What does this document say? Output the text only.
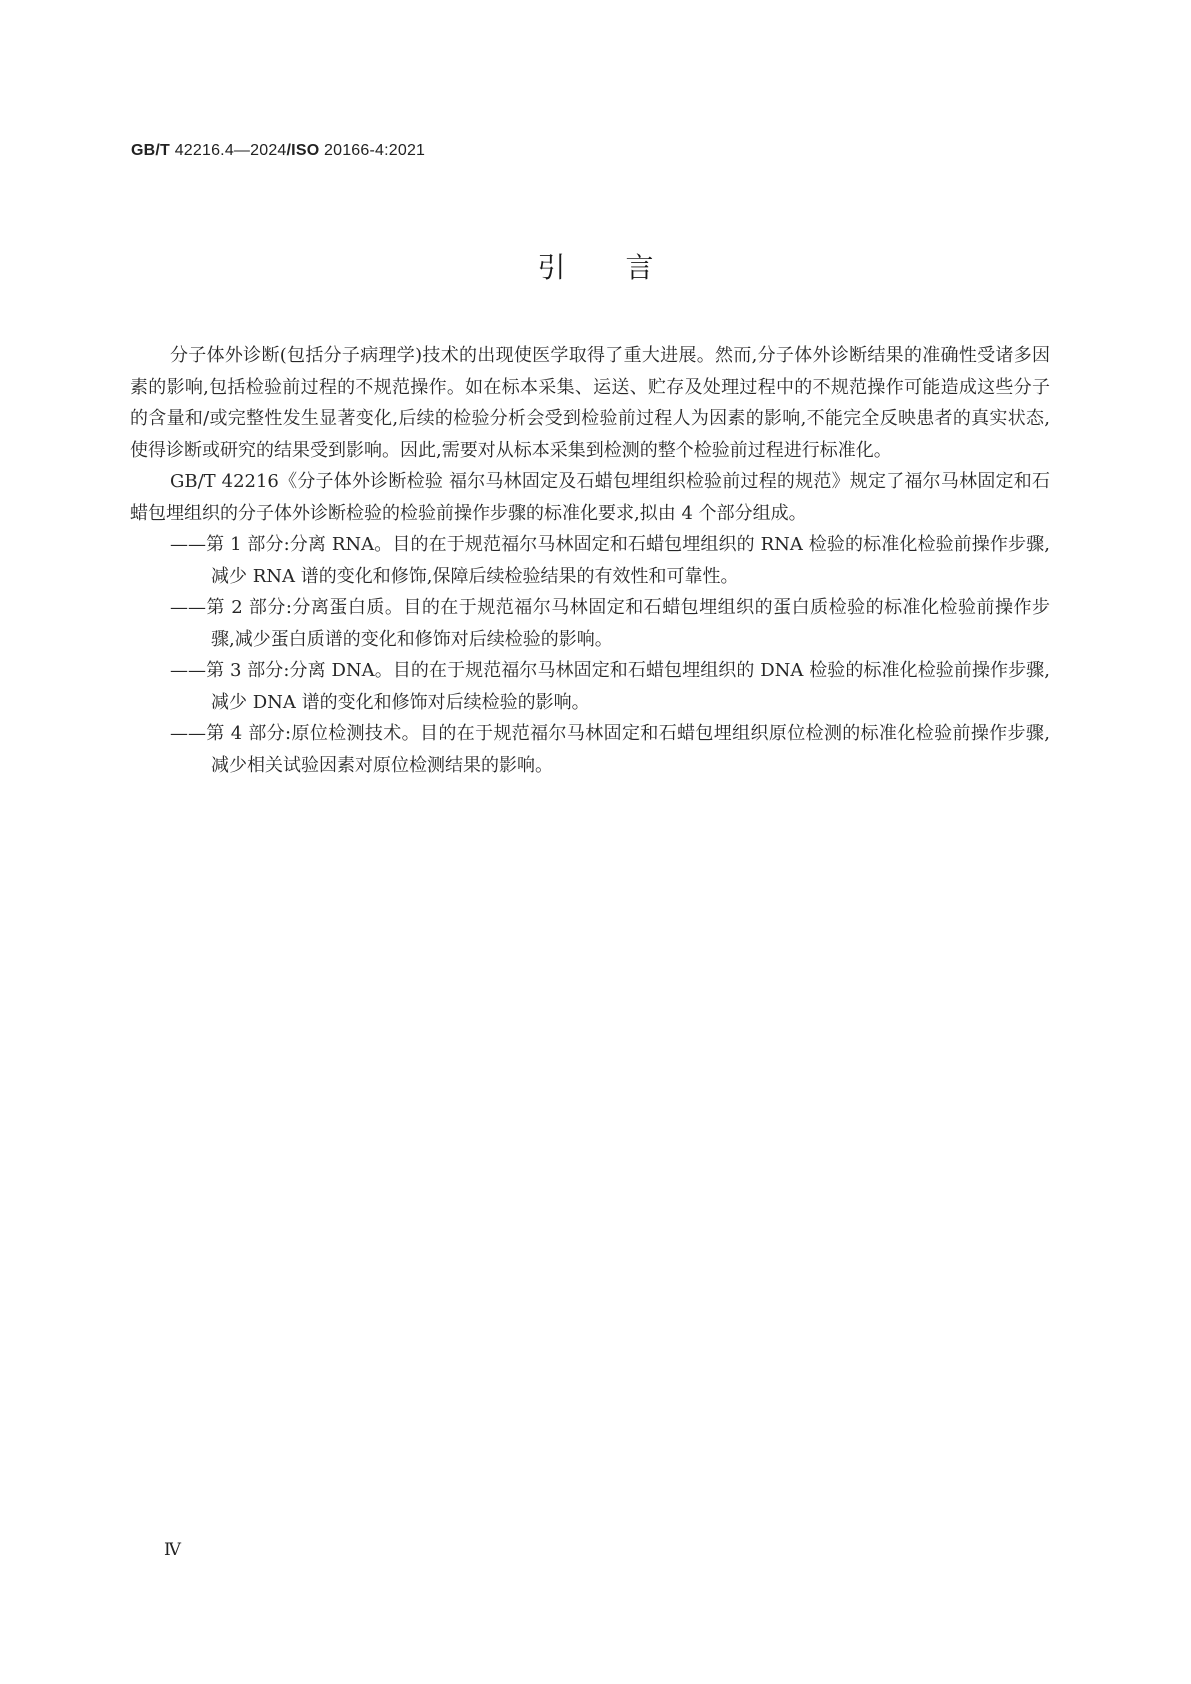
GB/T 42216.4—2024/ISO 20166-4:2021
引言

分子体外诊断(包括分子病理学)技术的出现使医学取得了重大进展。然而,分子体外诊断结果的准确性受诸多因素的影响,包括检验前过程的不规范操作。如在标本采集、运送、贮存及处理过程中的不规范操作可能造成这些分子的含量和/或完整性发生显著变化,后续的检验分析会受到检验前过程人为因素的影响,不能完全反映患者的真实状态,使得诊断或研究的结果受到影响。因此,需要对从标本采集到检测的整个检验前过程进行标准化。

GB/T 42216《分子体外诊断检验 福尔马林固定及石蜡包埋组织检验前过程的规范》规定了福尔马林固定和石蜡包埋组织的分子体外诊断检验的检验前操作步骤的标准化要求,拟由 4 个部分组成。

——第 1 部分:分离 RNA。目的在于规范福尔马林固定和石蜡包埋组织的 RNA 检验的标准化检验前操作步骤,减少 RNA 谱的变化和修饰,保障后续检验结果的有效性和可靠性。
——第 2 部分:分离蛋白质。目的在于规范福尔马林固定和石蜡包埋组织的蛋白质检验的标准化检验前操作步骤,减少蛋白质谱的变化和修饰对后续检验的影响。
——第 3 部分:分离 DNA。目的在于规范福尔马林固定和石蜡包埋组织的 DNA 检验的标准化检验前操作步骤,减少 DNA 谱的变化和修饰对后续检验的影响。
——第 4 部分:原位检测技术。目的在于规范福尔马林固定和石蜡包埋组织原位检测的标准化检验前操作步骤,减少相关试验因素对原位检测结果的影响。
Ⅳ
